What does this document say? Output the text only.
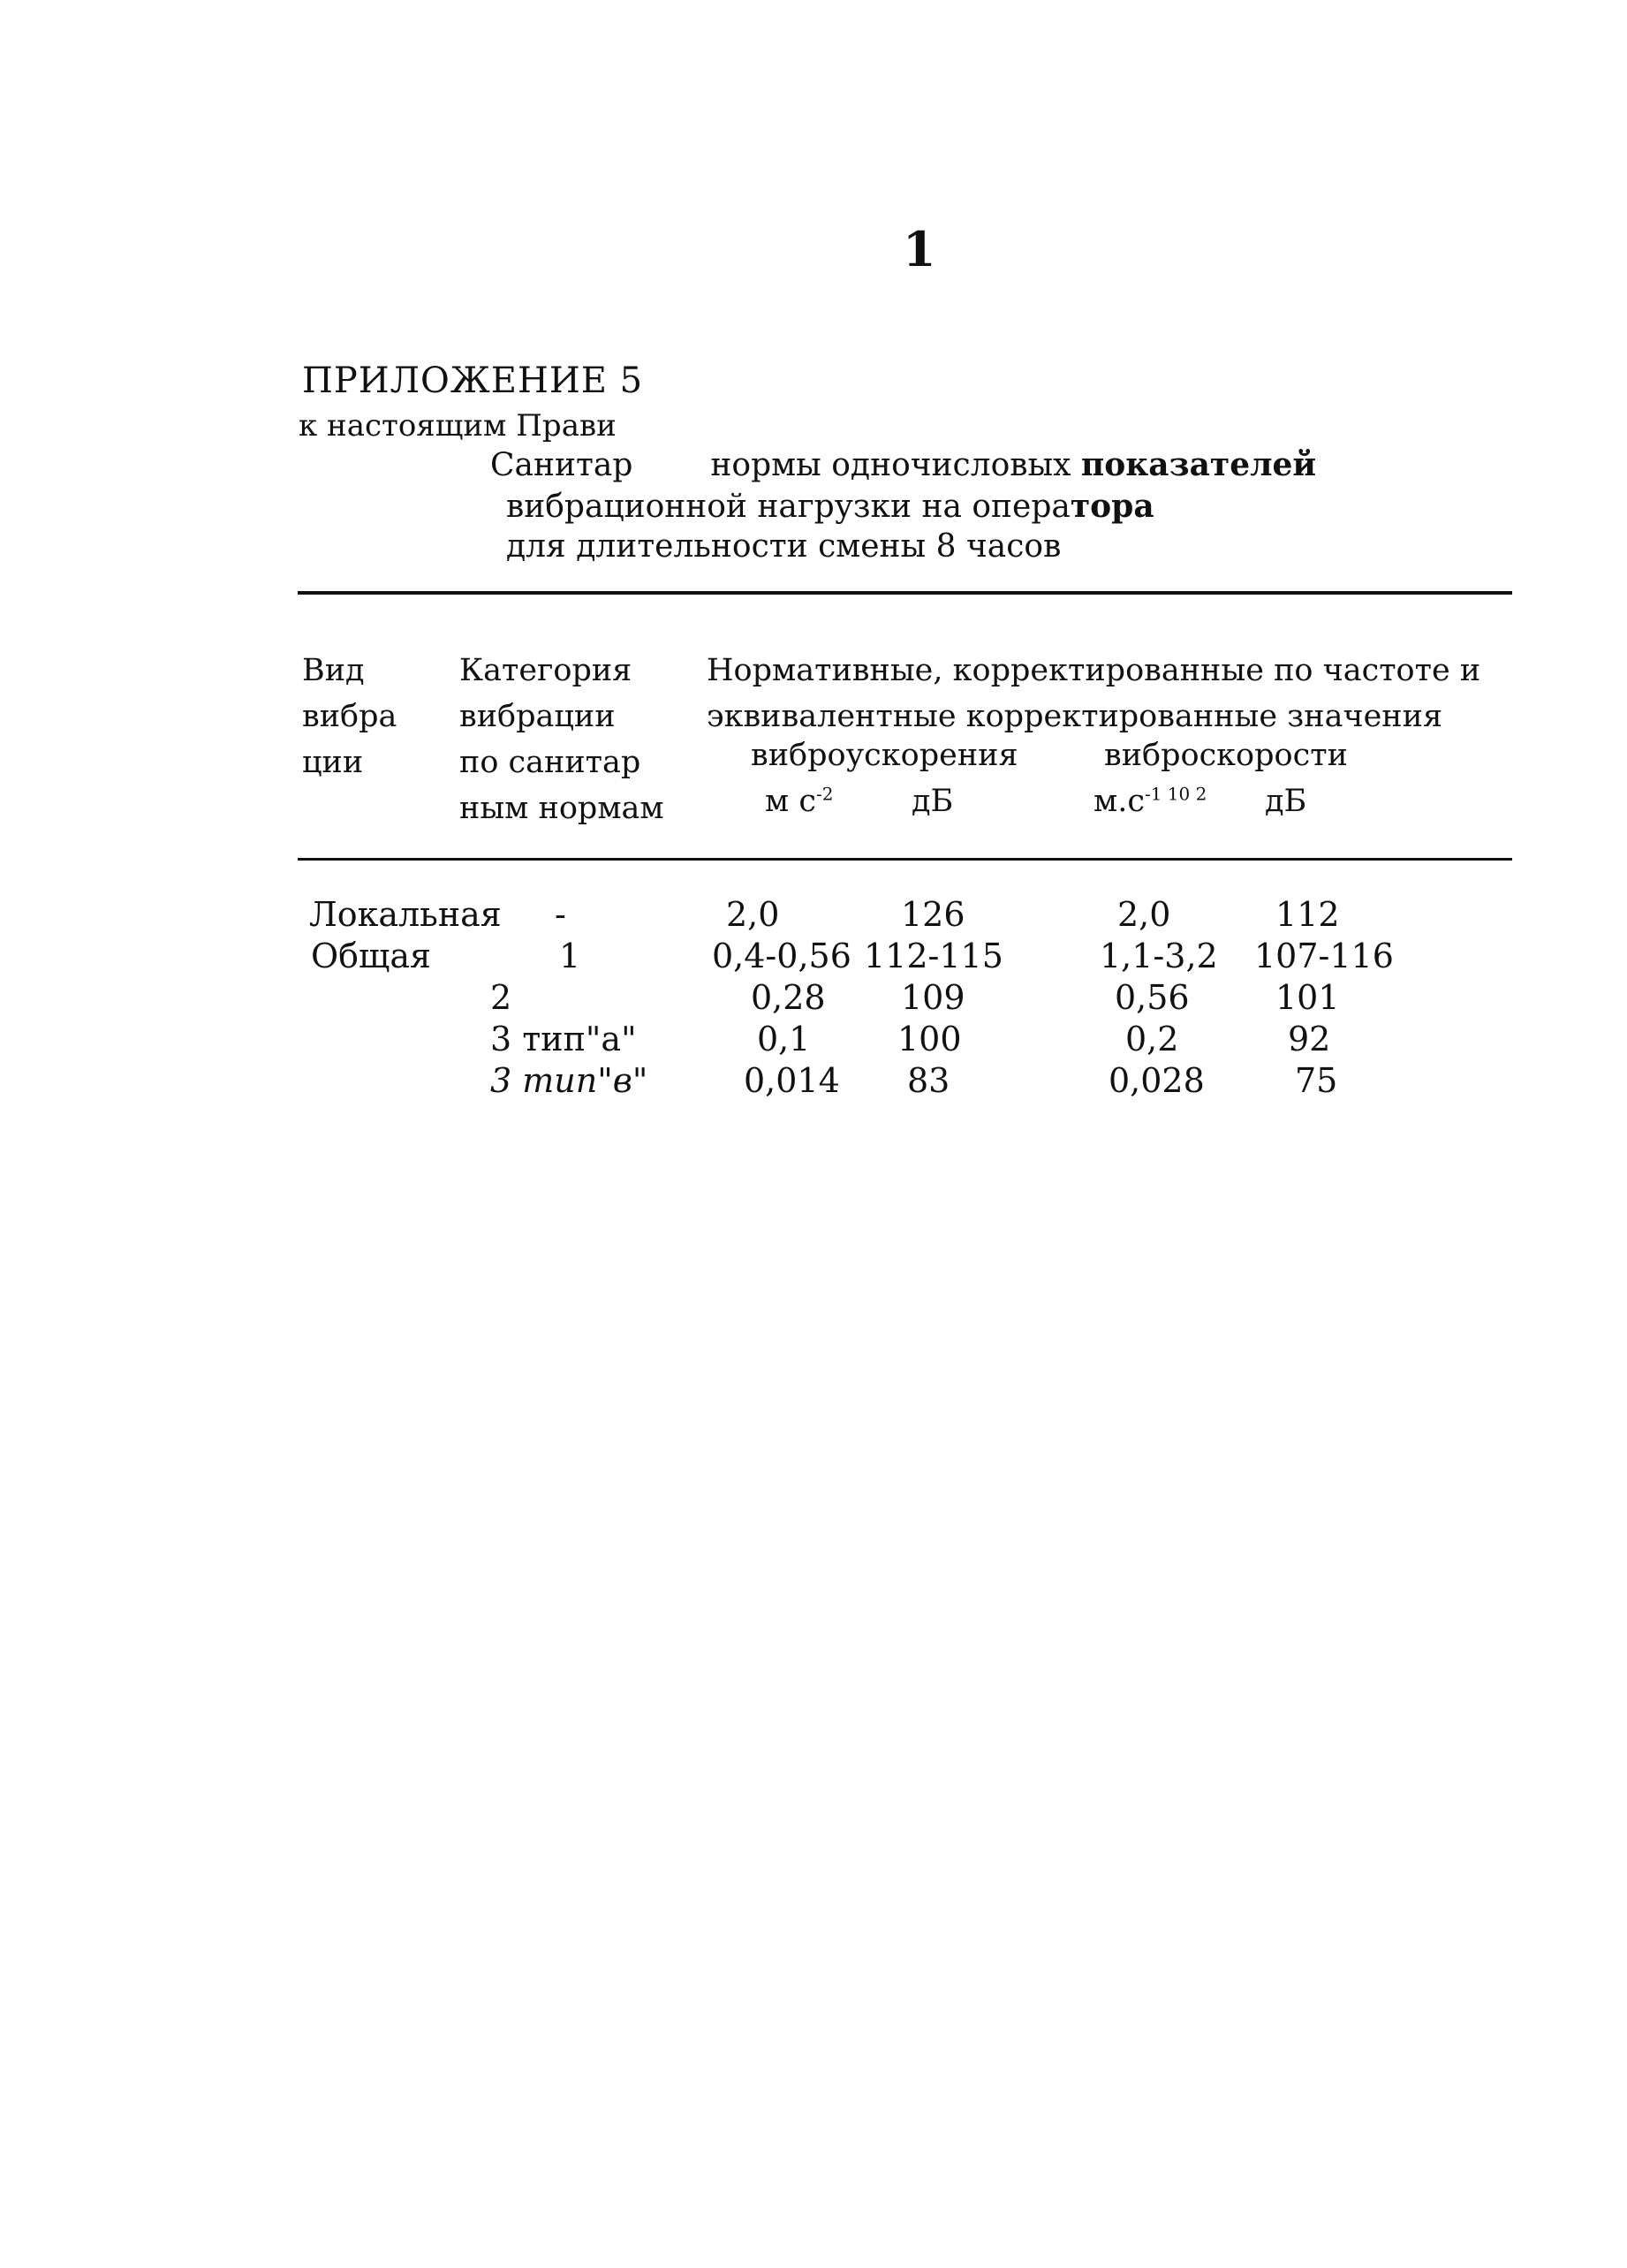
1
ПРИЛОЖЕНИЕ 5
к настоящим Прави
Санитар нормы одночисловых показателей
вибрационной нагрузки на оператора
для длительности смены 8 часов
Вид
вибра
ции
Категория
вибрации
по санитар
ным нормам
Нормативные, корректированные по частоте и
эквивалентные корректированные значения
виброускорения	виброскорости
м $с^{-2}$	дБ	$м.с^{-1 10 2}$ дБ
Локальная -	2,0	126	2,0	112
Общая	1	0,4-0,56 112-115	1,1-3,2 107-116
2	0,28 109	0,56	101
3 тип"а"	0,1	100	0,2	92
3 тип"в"	0,014 83	0,028	75
